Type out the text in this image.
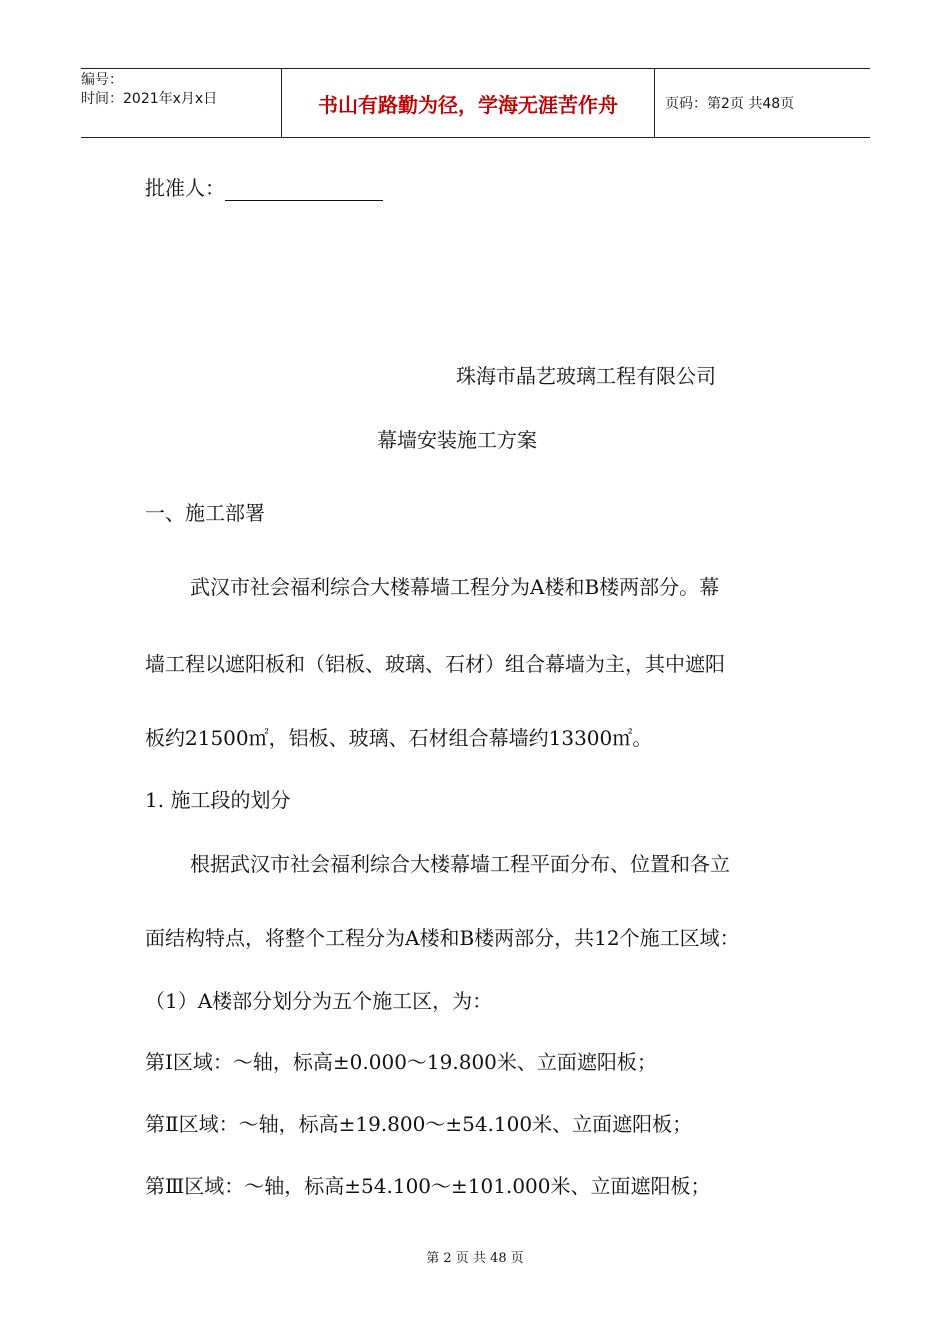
编号：
时间：2021年x月x日	书山有路勤为径，学海无涯苦作舟	页码：第2页 共48页
批准人：
珠海市晶艺玻璃工程有限公司
幕墙安装施工方案
一、施工部署
武汉市社会福利综合大楼幕墙工程分为A楼和B楼两部分。幕
墙工程以遮阳板和（铝板、玻璃、石材）组合幕墙为主，其中遮阳
板约21500㎡，铝板、玻璃、石材组合幕墙约13300㎡。
1. 施工段的划分
根据武汉市社会福利综合大楼幕墙工程平面分布、位置和各立
面结构特点，将整个工程分为A楼和B楼两部分，共12个施工区域：
（1）A楼部分划分为五个施工区，为：
第Ⅰ区域：～轴，标高±0.000～19.800米、立面遮阳板；
第Ⅱ区域：～轴，标高±19.800～±54.100米、立面遮阳板；
第Ⅲ区域：～轴，标高±54.100～±101.000米、立面遮阳板；
第 2 页 共 48 页
